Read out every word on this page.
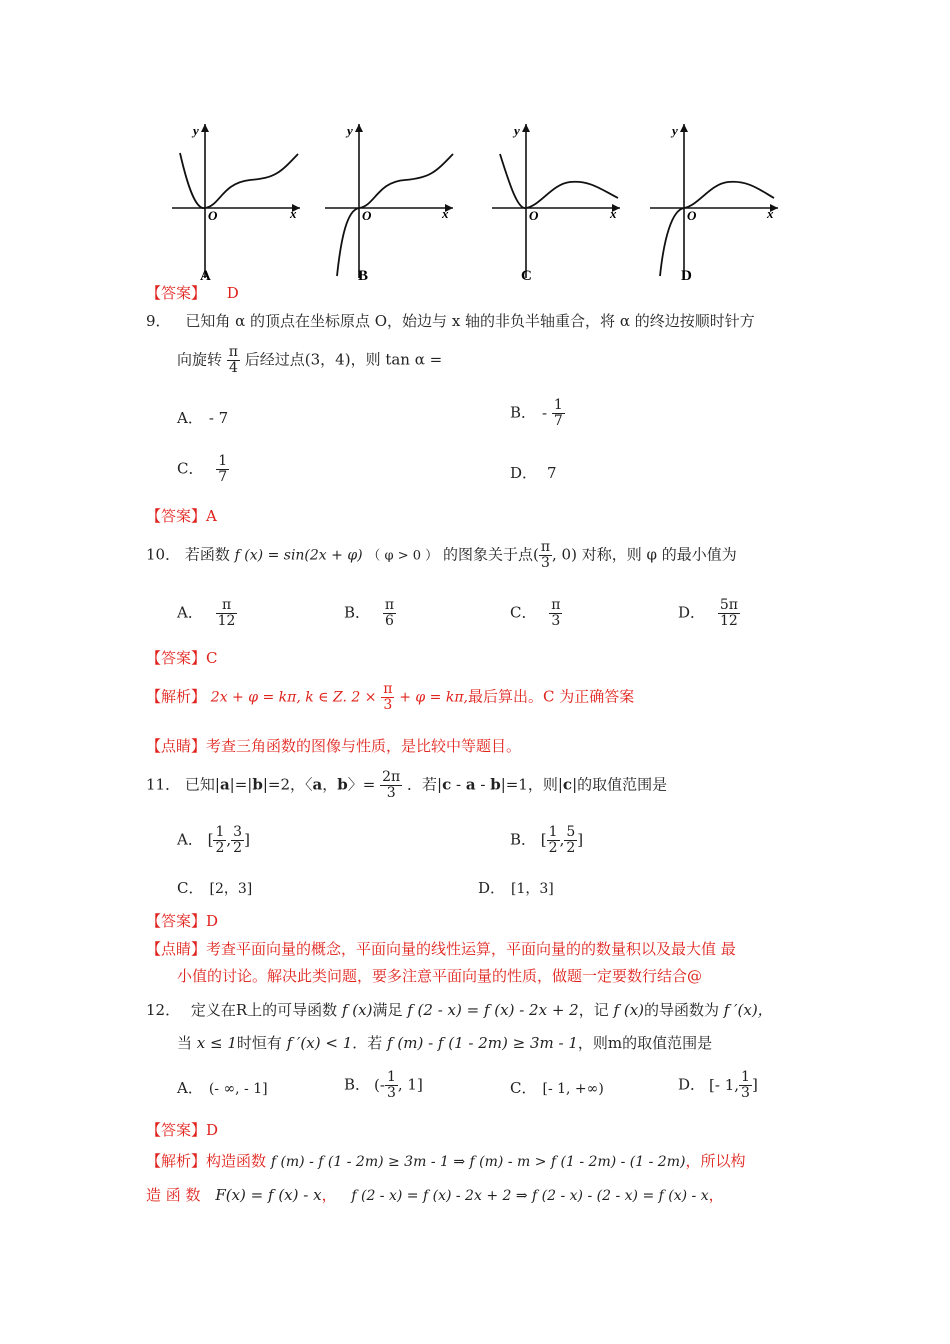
y
x
O
A
y
x
O
B
y
x
O
C
y
x
O
D
【答案】 D
9． 已知角 α 的顶点在坐标原点 O，始边与 x 轴的非负半轴重合，将 α 的终边按顺时针方
向旋转 $\frac{\pi}{4}$ 后经过点(3，4)，则 tan α =
A． - 7	B． - $\frac{1}{7}$
C． $\frac{1}{7}$	D． 7
【答案】A
10． 若函数 f (x) = sin(2x + φ) （ φ > 0 ） 的图象关于点( $\frac{\pi}{3}$ , 0) 对称，则 φ 的最小值为
A． $\frac{\pi}{12}$	B． $\frac{\pi}{6}$	C． $\frac{\pi}{3}$	D． $\frac{5\pi}{12}$
【答案】C
【解析】 2x + φ = kπ, k ∈ Z. $2 \times \frac{\pi}{3} + \varphi = k\pi$,最后算出。C 为正确答案
【点睛】考查三角函数的图像与性质，是比较中等题目。
11． 已知|a|=|b|=2，〈a，b〉= $\frac{2\pi}{3}$ ．若|c - a - b|=1，则|c|的取值范围是
A． [ $\frac{1}{2}$ , $\frac{3}{2}$ ]	B． [ $\frac{1}{2}$ , $\frac{5}{2}$ ]
C． [2，3]	D． [1，3]
【答案】D
【点睛】考查平面向量的概念，平面向量的线性运算，平面向量的的数量积以及最大值 最
小值的讨论。解决此类问题，要多注意平面向量的性质，做题一定要数行结合@
12． 定义在R上的可导函数 f (x)满足 f (2 - x) = f (x) - 2x + 2，记 f (x)的导函数为 f ′(x)，
当 x ≤ 1时恒有 f ′(x) < 1．若 f (m) - f (1 - 2m) ≥ 3m - 1，则m的取值范围是
A． (- ∞, - 1]	B． (- $\frac{1}{3}$ , 1]	C． [- 1, +∞)	D． [- 1, $\frac{1}{3}$ ]
【答案】D
【解析】构造函数 f (m) - f (1 - 2m) ≥ 3m - 1 ⇒ f (m) - m > f (1 - 2m) - (1 - 2m)，所以构
造 函 数 F(x) = f (x) - x， f (2 - x) = f (x) - 2x + 2 ⇒ f (2 - x) - (2 - x) = f (x) - x，
